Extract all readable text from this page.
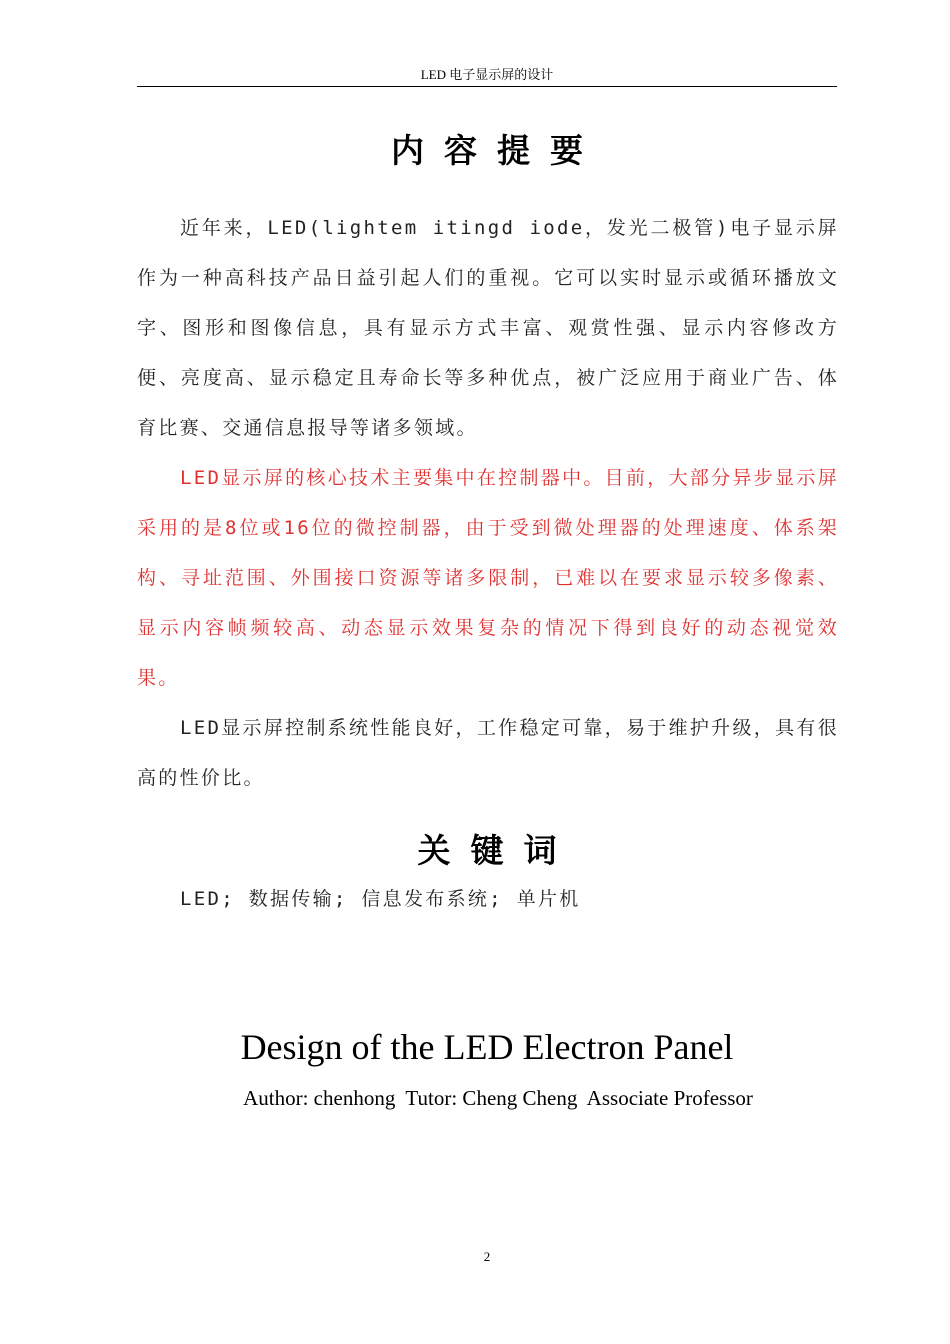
LED 电子显示屏的设计
内容提要

近年来，LED(lightem itingd iode，发光二极管)电子显示屏作为一种高科技产品日益引起人们的重视。它可以实时显示或循环播放文字、图形和图像信息，具有显示方式丰富、观赏性强、显示内容修改方便、亮度高、显示稳定且寿命长等多种优点，被广泛应用于商业广告、体育比赛、交通信息报导等诸多领域。

LED显示屏的核心技术主要集中在控制器中。目前，大部分异步显示屏采用的是8位或16位的微控制器，由于受到微处理器的处理速度、体系架构、寻址范围、外围接口资源等诸多限制，已难以在要求显示较多像素、显示内容帧频较高、动态显示效果复杂的情况下得到良好的动态视觉效果。

LED显示屏控制系统性能良好，工作稳定可靠，易于维护升级，具有很高的性价比。

关键词
LED; 数据传输; 信息发布系统; 单片机
Design of the LED Electron Panel
Author: chenhong  Tutor: Cheng Cheng  Associate Professor
2
